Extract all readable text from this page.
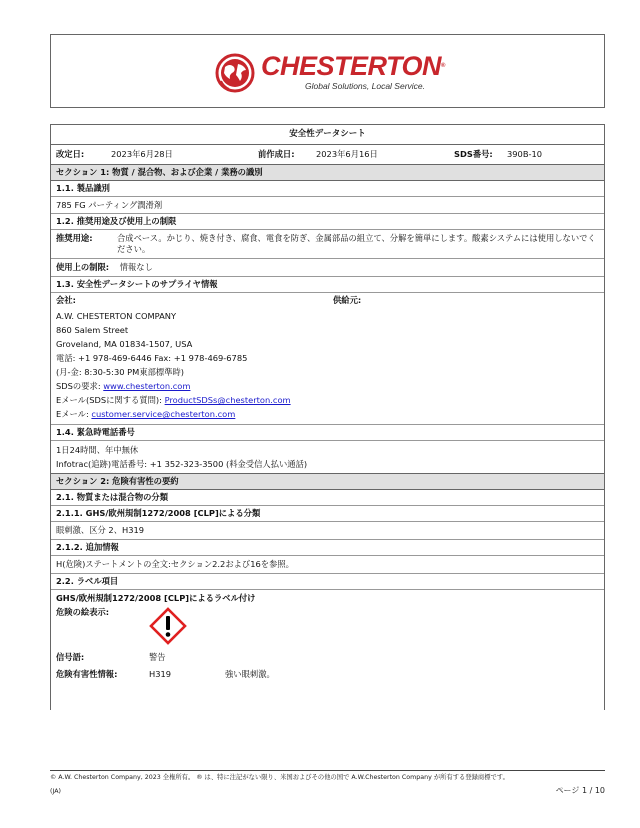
CHESTERTON®
Global Solutions, Local Service.
安全性データシート
改定日:	2023年6月28日	前作成日:	2023年6月16日	SDS番号: 390B-10
セクション 1: 物質 / 混合物、および企業 / 業務の識別
1.1. 製品識別
785 FG パーティング潤滑剤
1.2. 推奨用途及び使用上の制限
推奨用途:	合成ベース。かじり、焼き付き、腐食、電食を防ぎ、金属部品の組立て、分解を簡単にします。酸素システムには使用しないでください。
使用上の制限: 情報なし
1.3. 安全性データシートのサプライヤ情報
会社:	供給元:
A.W. CHESTERTON COMPANY
860 Salem Street
Groveland, MA 01834-1507, USA
電話: +1 978-469-6446 Fax: +1 978-469-6785
(月-金: 8:30-5:30 PM東部標準時)
SDSの要求: www.chesterton.com
Eメール(SDSに関する質問): ProductSDSs@chesterton.com
Eメール: customer.service@chesterton.com
1.4. 緊急時電話番号
1日24時間、年中無休
Infotrac(追跡)電話番号: +1 352-323-3500 (料金受信人払い通話)
セクション 2: 危険有害性の要約
2.1. 物質または混合物の分類
2.1.1. GHS/欧州規制1272/2008 [CLP]による分類
眼刺激、区分 2、H319
2.1.2. 追加情報
H(危険)ステートメントの全文:セクション2.2および16を参照。
2.2. ラベル項目
GHS/欧州規制1272/2008 [CLP]によるラベル付け
危険の絵表示:
信号語:	警告
危険有害性情報:	H319	強い眼刺激。
© A.W. Chesterton Company, 2023 全権所有。 ® は、特に注記がない限り、米国およびその他の国で A.W.Chesterton Company が所有する登録商標です。
(JA)	ページ 1 / 10
